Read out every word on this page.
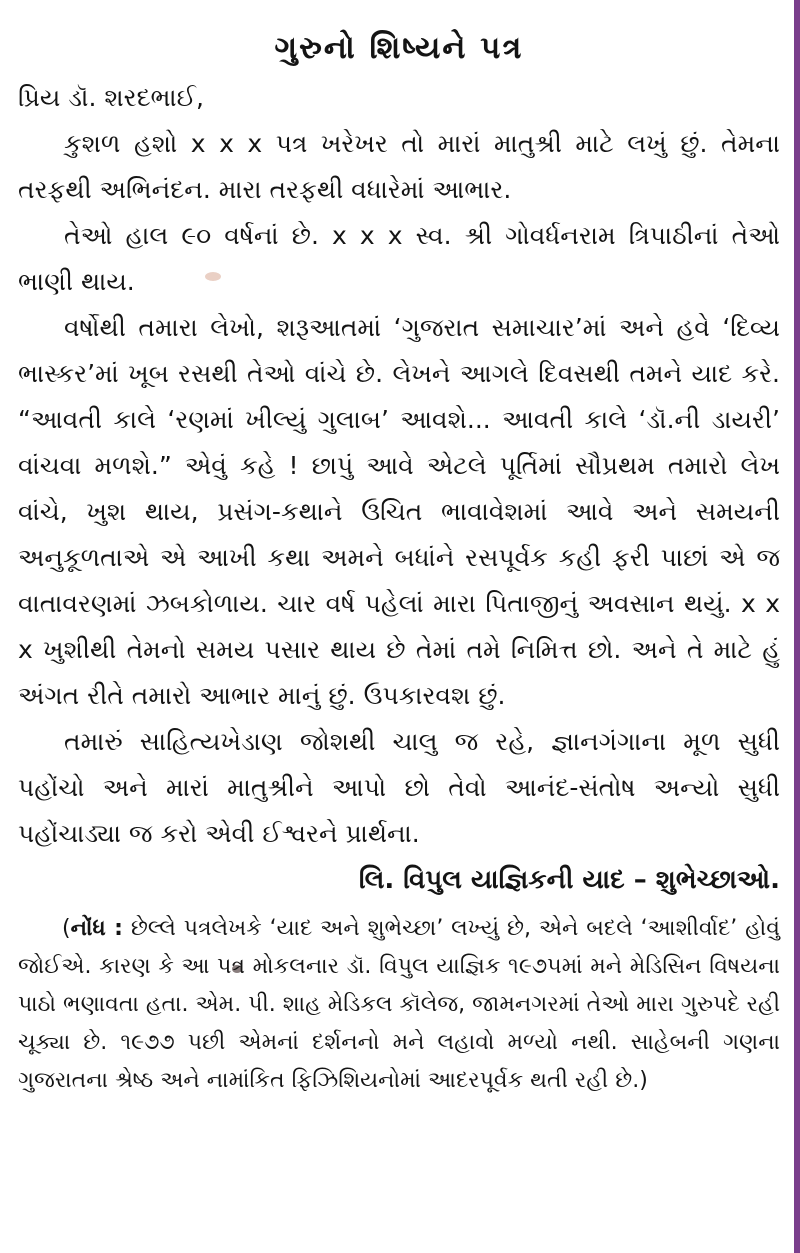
ગુરુનો શિષ્યને પત્ર

પ્રિય ડૉ. શરદભાઈ,

કુશળ હશો x x x પત્ર ખરેખર તો મારાં માતુશ્રી માટે લખું છું. તેમના તરફથી અભિનંદન. મારા તરફથી વધારેમાં આભાર.

તેઓ હાલ ૯૦ વર્ષનાં છે. x x x સ્વ. શ્રી ગોવર્ધનરામ ત્રિપાઠીનાં તેઓ ભાણી થાય.

વર્ષોથી તમારા લેખો, શરૂઆતમાં ‘ગુજરાત સમાચાર’માં અને હવે ‘દિવ્ય ભાસ્કર’માં ખૂબ રસથી તેઓ વાંચે છે. લેખને આગલે દિવસથી તમને યાદ કરે. “આવતી કાલે ‘રણમાં ખીલ્યું ગુલાબ’ આવશે... આવતી કાલે ‘ડૉ.ની ડાયરી’ વાંચવા મળશે.” એવું કહે ! છાપું આવે એટલે પૂર્તિમાં સૌપ્રથમ તમારો લેખ વાંચે, ખુશ થાય, પ્રસંગ-કથાને ઉચિત ભાવાવેશમાં આવે અને સમયની અનુકૂળતાએ એ આખી કથા અમને બધાંને રસપૂર્વક કહી ફરી પાછાં એ જ વાતાવરણમાં ઝબકોળાય. ચાર વર્ષ પહેલાં મારા પિતાજીનું અવસાન થયું. x x x ખુશીથી તેમનો સમય પસાર થાય છે તેમાં તમે નિમિત્ત છો. અને તે માટે હું અંગત રીતે તમારો આભાર માનું છું. ઉપકારવશ છું.

તમારું સાહિત્યખેડાણ જોશથી ચાલુ જ રહે, જ્ઞાનગંગાના મૂળ સુધી પહોંચો અને મારાં માતુશ્રીને આપો છો તેવો આનંદ-સંતોષ અન્યો સુધી પહોંચાડ્યા જ કરો એવી ઈશ્વરને પ્રાર્થના.

લિ. વિપુલ યાજ્ઞિકની યાદ – શુભેચ્છાઓ.

(નોંધ : છેલ્લે પત્રલેખકે ‘યાદ અને શુભેચ્છા’ લખ્યું છે, એને બદલે ‘આશીર્વાદ’ હોવું જોઈએ. કારણ કે આ પત્ર મોકલનાર ડૉ. વિપુલ યાજ્ઞિક ૧૯૭૫માં મને મેડિસિન વિષયના પાઠો ભણાવતા હતા. એમ. પી. શાહ મેડિકલ કૉલેજ, જામનગરમાં તેઓ મારા ગુરુપદે રહી ચૂક્યા છે. ૧૯૭૭ પછી એમનાં દર્શનનો મને લહાવો મળ્યો નથી. સાહેબની ગણના ગુજરાતના શ્રેષ્ઠ અને નામાંકિત ફિઝિશિયનોમાં આદરપૂર્વક થતી રહી છે.)
